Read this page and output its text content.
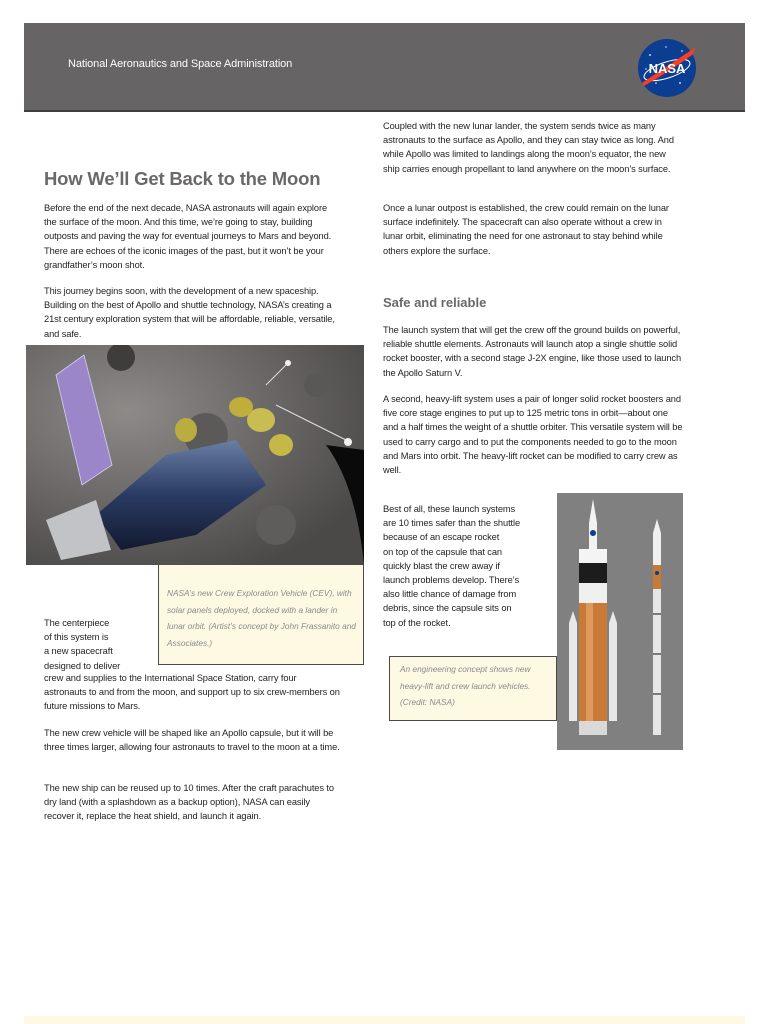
National Aeronautics and Space Administration	NASA
How We’ll Get Back to the Moon

Before the end of the next decade, NASA astronauts will again explore the surface of the moon. And this time, we’re going to stay, building outposts and paving the way for eventual journeys to Mars and beyond. There are echoes of the iconic images of the past, but it won’t be your grandfather’s moon shot.

This journey begins soon, with the development of a new spaceship. Building on the best of Apollo and shuttle technology, NASA’s creating a 21st century exploration system that will be affordable, reliable, versatile, and safe.

NASA’s new Crew Exploration Vehicle (CEV), with solar panels deployed, docked with a lander in lunar orbit. (Artist’s concept by John Frassanito and Associates.)
The centerpiece
of this system is
a new spacecraft
designed to deliver

crew and supplies to the International Space Station, carry four astronauts to and from the moon, and support up to six crew-members on future missions to Mars.

The new crew vehicle will be shaped like an Apollo capsule, but it will be three times larger, allowing four astronauts to travel to the moon at a time.

The new ship can be reused up to 10 times. After the craft parachutes to dry land (with a splashdown as a backup option), NASA can easily recover it, replace the heat shield, and launch it again.

Coupled with the new lunar lander, the system sends twice as many astronauts to the surface as Apollo, and they can stay twice as long. And while Apollo was limited to landings along the moon’s equator, the new ship carries enough propellant to land anywhere on the moon’s surface.

Once a lunar outpost is established, the crew could remain on the lunar surface indefinitely. The spacecraft can also operate without a crew in lunar orbit, eliminating the need for one astronaut to stay behind while others explore the surface.

Safe and reliable

The launch system that will get the crew off the ground builds on powerful, reliable shuttle elements. Astronauts will launch atop a single shuttle solid rocket booster, with a second stage J-2X engine, like those used to launch the Apollo Saturn V.

A second, heavy-lift system uses a pair of longer solid rocket boosters and five core stage engines to put up to 125 metric tons in orbit—about one and a half times the weight of a shuttle orbiter. This versatile system will be used to carry cargo and to put the components needed to go to the moon and Mars into orbit. The heavy-lift rocket can be modified to carry crew as well.

Best of all, these launch systems
are 10 times safer than the shuttle
because of an escape rocket
on top of the capsule that can
quickly blast the crew away if
launch problems develop. There’s
also little chance of damage from
debris, since the capsule sits on
top of the rocket.
An engineering concept shows new heavy-lift and crew launch vehicles. (Credit: NASA)
